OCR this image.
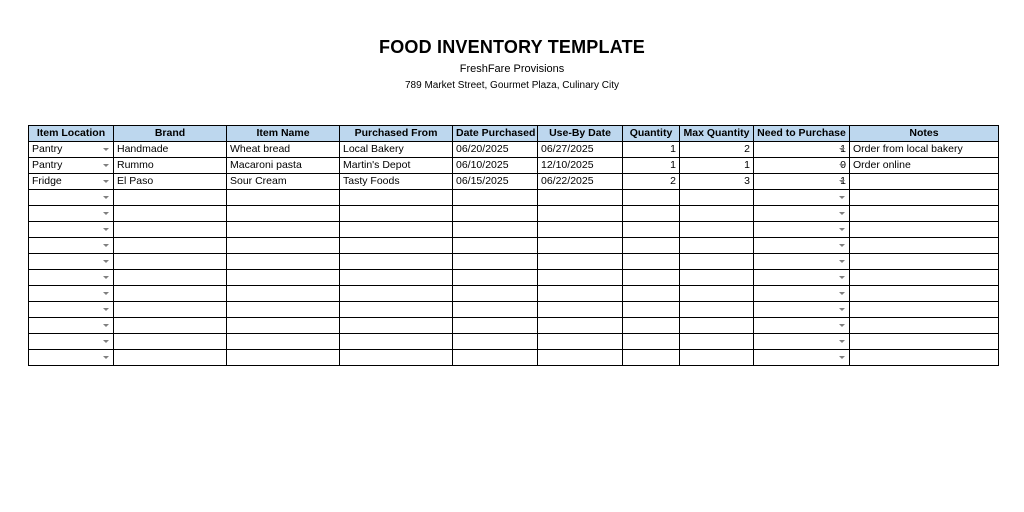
FOOD INVENTORY TEMPLATE
FreshFare Provisions
789 Market Street, Gourmet Plaza, Culinary City
Item Location	Brand	Item Name	Purchased From	Date Purchased	Use-By Date	Quantity	Max Quantity	Need to Purchase	Notes
Pantry	Handmade	Wheat bread	Local Bakery	06/20/2025	06/27/2025	1	2	1	Order from local bakery
Pantry	Rummo	Macaroni pasta	Martin's Depot	06/10/2025	12/10/2025	1	1	0	Order online
Fridge	El Paso	Sour Cream	Tasty Foods	06/15/2025	06/22/2025	2	3	1
